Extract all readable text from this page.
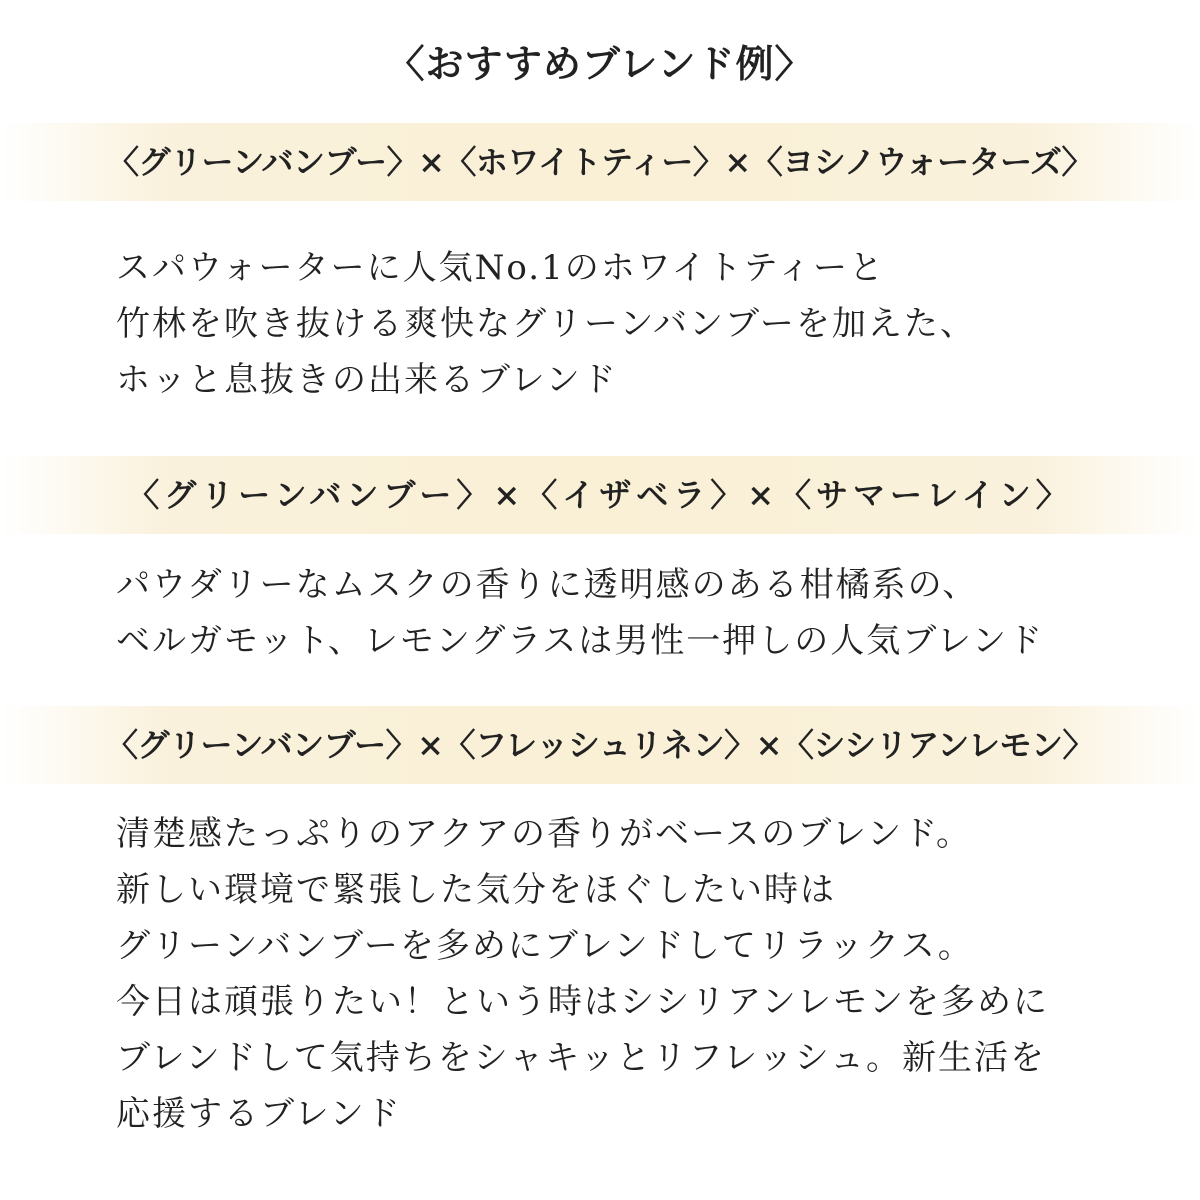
〈おすすめブレンド例〉
〈グリーンバンブー〉×〈ホワイトティー〉×〈ヨシノウォーターズ〉
スパウォーターに人気No.1のホワイトティーと
竹林を吹き抜ける爽快なグリーンバンブーを加えた、
ホッと息抜きの出来るブレンド
〈グリーンバンブー〉×〈イザベラ〉×〈サマーレイン〉
パウダリーなムスクの香りに透明感のある柑橘系の、
ベルガモット、レモングラスは男性一押しの人気ブレンド
〈グリーンバンブー〉×〈フレッシュリネン〉×〈シシリアンレモン〉
清楚感たっぷりのアクアの香りがベースのブレンド。
新しい環境で緊張した気分をほぐしたい時は
グリーンバンブーを多めにブレンドしてリラックス。
今日は頑張りたい！という時はシシリアンレモンを多めに
ブレンドして気持ちをシャキッとリフレッシュ。新生活を
応援するブレンド
